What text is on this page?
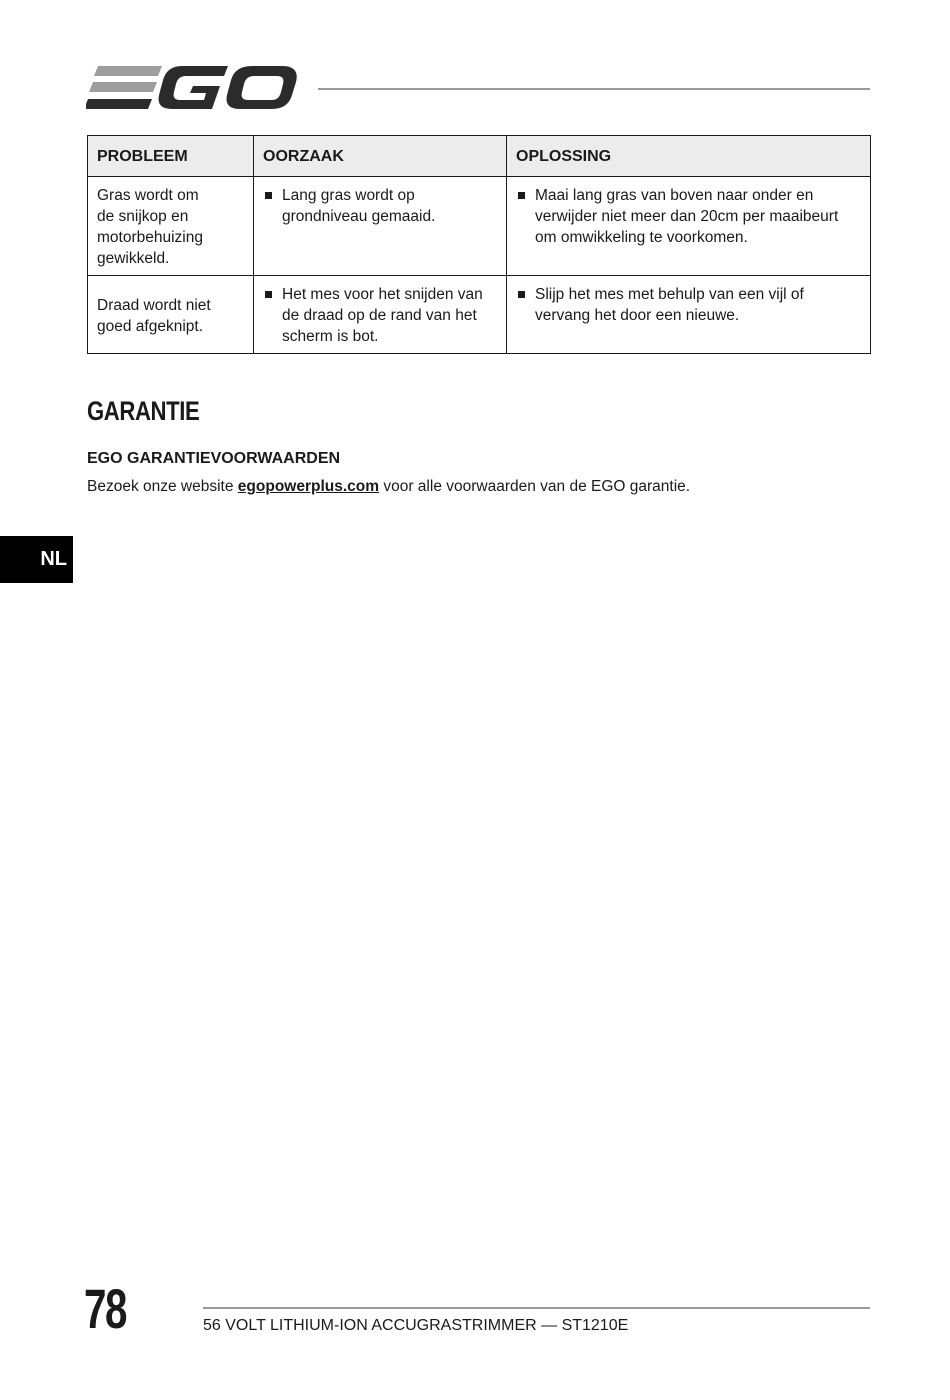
PROBLEEM	OORZAAK	OPLOSSING

Gras wordt om de snijkop en motorbehuizing gewikkeld.	Lang gras wordt op grondniveau gemaaid.	Maai lang gras van boven naar onder en verwijder niet meer dan 20cm per maaibeurt om omwikkeling te voorkomen.

Draad wordt niet goed afgeknipt.	Het mes voor het snijden van de draad op de rand van het scherm is bot.	Slijp het mes met behulp van een vijl of vervang het door een nieuwe.
GARANTIE
EGO GARANTIEVOORWAARDEN

Bezoek onze website egopowerplus.com voor alle voorwaarden van de EGO garantie.

NL
78	56 VOLT LITHIUM-ION ACCUGRASTRIMMER — ST1210E
